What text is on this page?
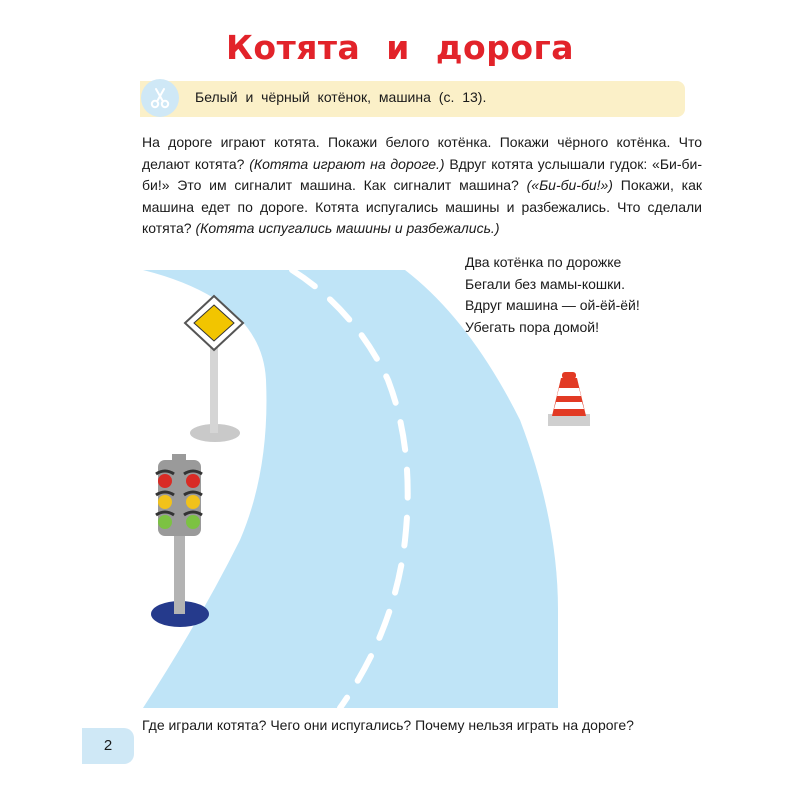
Котята и дорога
Белый и чёрный котёнок, машина (с. 13).

На дороге играют котята. Покажи белого котёнка. Покажи чёрного котёнка. Что делают котята? (Котята играют на дороге.) Вдруг котята услышали гудок: «Би-би-би!» Это им сигналит машина. Как сигналит машина? («Би-би-би!») Покажи, как машина едет по дороге. Котята испугались машины и разбежались. Что сделали котята? (Котята испугались машины и разбежались.)

Два котёнка по дорожке
Бегали без мамы-кошки.
Вдруг машина — ой-ёй-ёй!
Убегать пора домой!
Где играли котята? Чего они испугались? Почему нельзя играть на дороге?
2
